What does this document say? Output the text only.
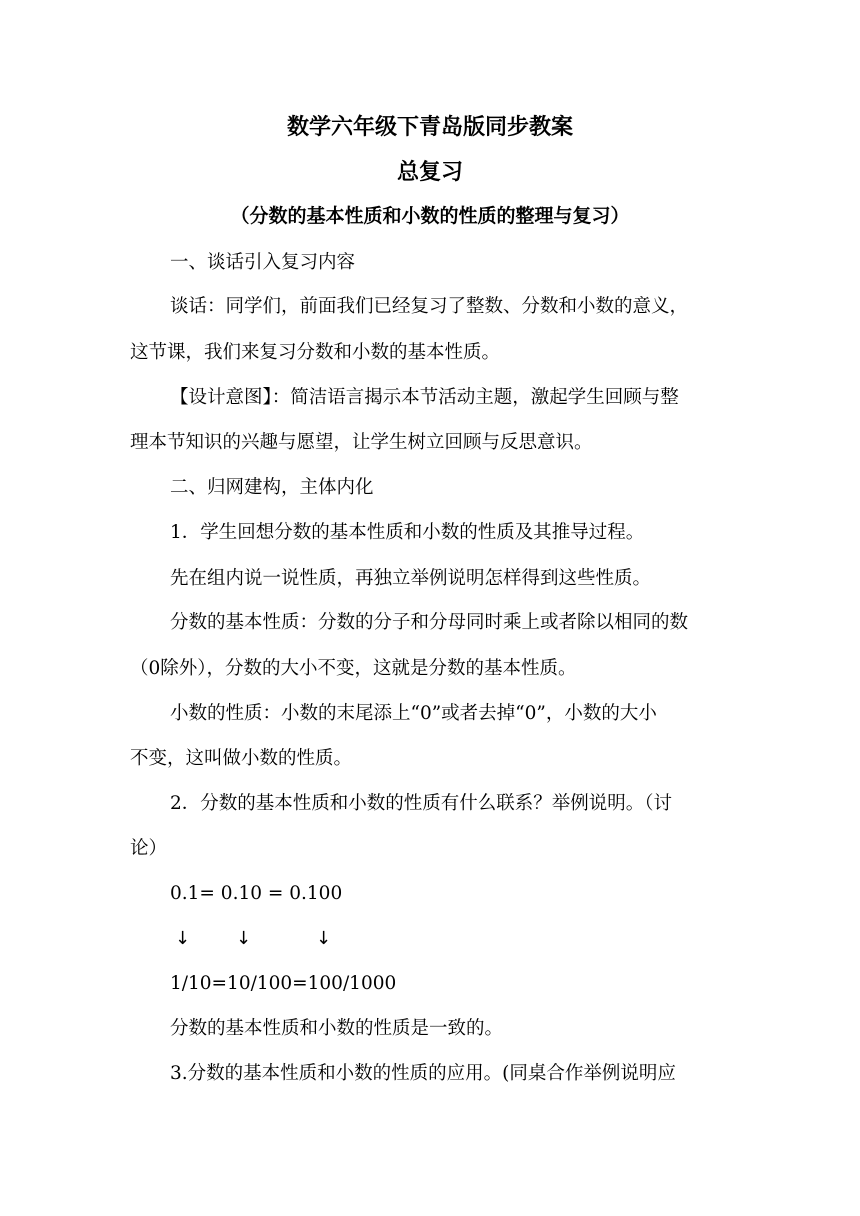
数学六年级下青岛版同步教案
总复习
（分数的基本性质和小数的性质的整理与复习）
一、谈话引入复习内容
谈话：同学们，前面我们已经复习了整数、分数和小数的意义，
这节课，我们来复习分数和小数的基本性质。
【设计意图】：简洁语言揭示本节活动主题，激起学生回顾与整
理本节知识的兴趣与愿望，让学生树立回顾与反思意识。
二、归网建构，主体内化
1．学生回想分数的基本性质和小数的性质及其推导过程。
先在组内说一说性质，再独立举例说明怎样得到这些性质。
分数的基本性质：分数的分子和分母同时乘上或者除以相同的数
（0除外），分数的大小不变，这就是分数的基本性质。
小数的性质：小数的末尾添上“0”或者去掉“0”，小数的大小
不变，这叫做小数的性质。
2．分数的基本性质和小数的性质有什么联系？举例说明。（讨
论）
0.1= 0.10 = 0.100
↓	↓	↓
1/10=10/100=100/1000
分数的基本性质和小数的性质是一致的。
3.分数的基本性质和小数的性质的应用。(同桌合作举例说明应
